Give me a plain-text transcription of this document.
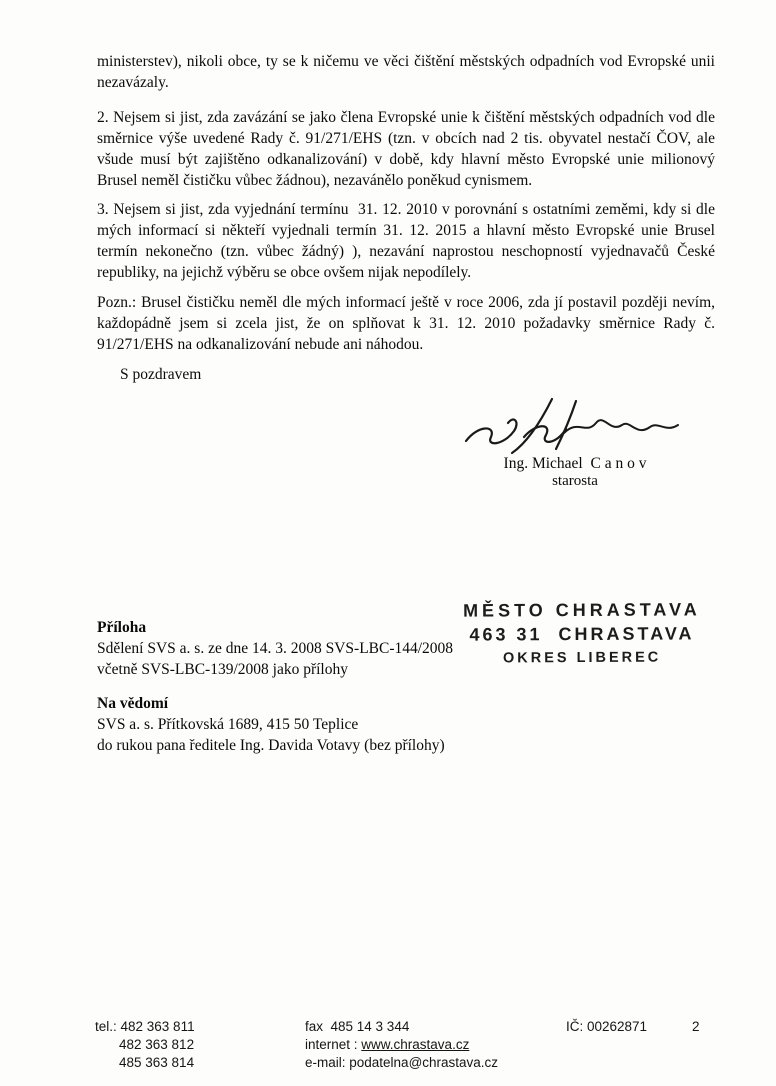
ministerstev), nikoli obce, ty se k ničemu ve věci čištění městských odpadních vod Evropské unii nezavázaly.

2. Nejsem si jist, zda zavázání se jako člena Evropské unie k čištění městských odpadních vod dle směrnice výše uvedené Rady č. 91/271/EHS (tzn. v obcích nad 2 tis. obyvatel nestačí ČOV, ale všude musí být zajištěno odkanalizování) v době, kdy hlavní město Evropské unie milionový Brusel neměl čističku vůbec žádnou), nezavánělo poněkud cynismem.

3. Nejsem si jist, zda vyjednání termínu  31. 12. 2010 v porovnání s ostatními zeměmi, kdy si dle mých informací si někteří vyjednali termín 31. 12. 2015 a hlavní město Evropské unie Brusel termín nekonečno (tzn. vůbec žádný) ), nezavání naprostou neschopností vyjednavačů České republiky, na jejichž výběru se obce ovšem nijak nepodílely.

Pozn.: Brusel čističku neměl dle mých informací ještě v roce 2006, zda jí postavil později nevím, každopádně jsem si zcela jist, že on splňovat k 31. 12. 2010 požadavky směrnice Rady č. 91/271/EHS na odkanalizování nebude ani náhodou.

S pozdravem

Ing. Michael  C a n o v
starosta
MĚSTO CHRASTAVA
463 31  CHRASTAVA
OKRES LIBEREC
Příloha
Sdělení SVS a. s. ze dne 14. 3. 2008 SVS-LBC-144/2008
včetně SVS-LBC-139/2008 jako přílohy
Na vědomí
SVS a. s. Přítkovská 1689, 415 50 Teplice
do rukou pana ředitele Ing. Davida Votavy (bez přílohy)
tel.: 482 363 811
482 363 812
485 363 814
fax  485 14 3 344
internet : www.chrastava.cz
e-mail: podatelna@chrastava.cz
IČ: 00262871	2
